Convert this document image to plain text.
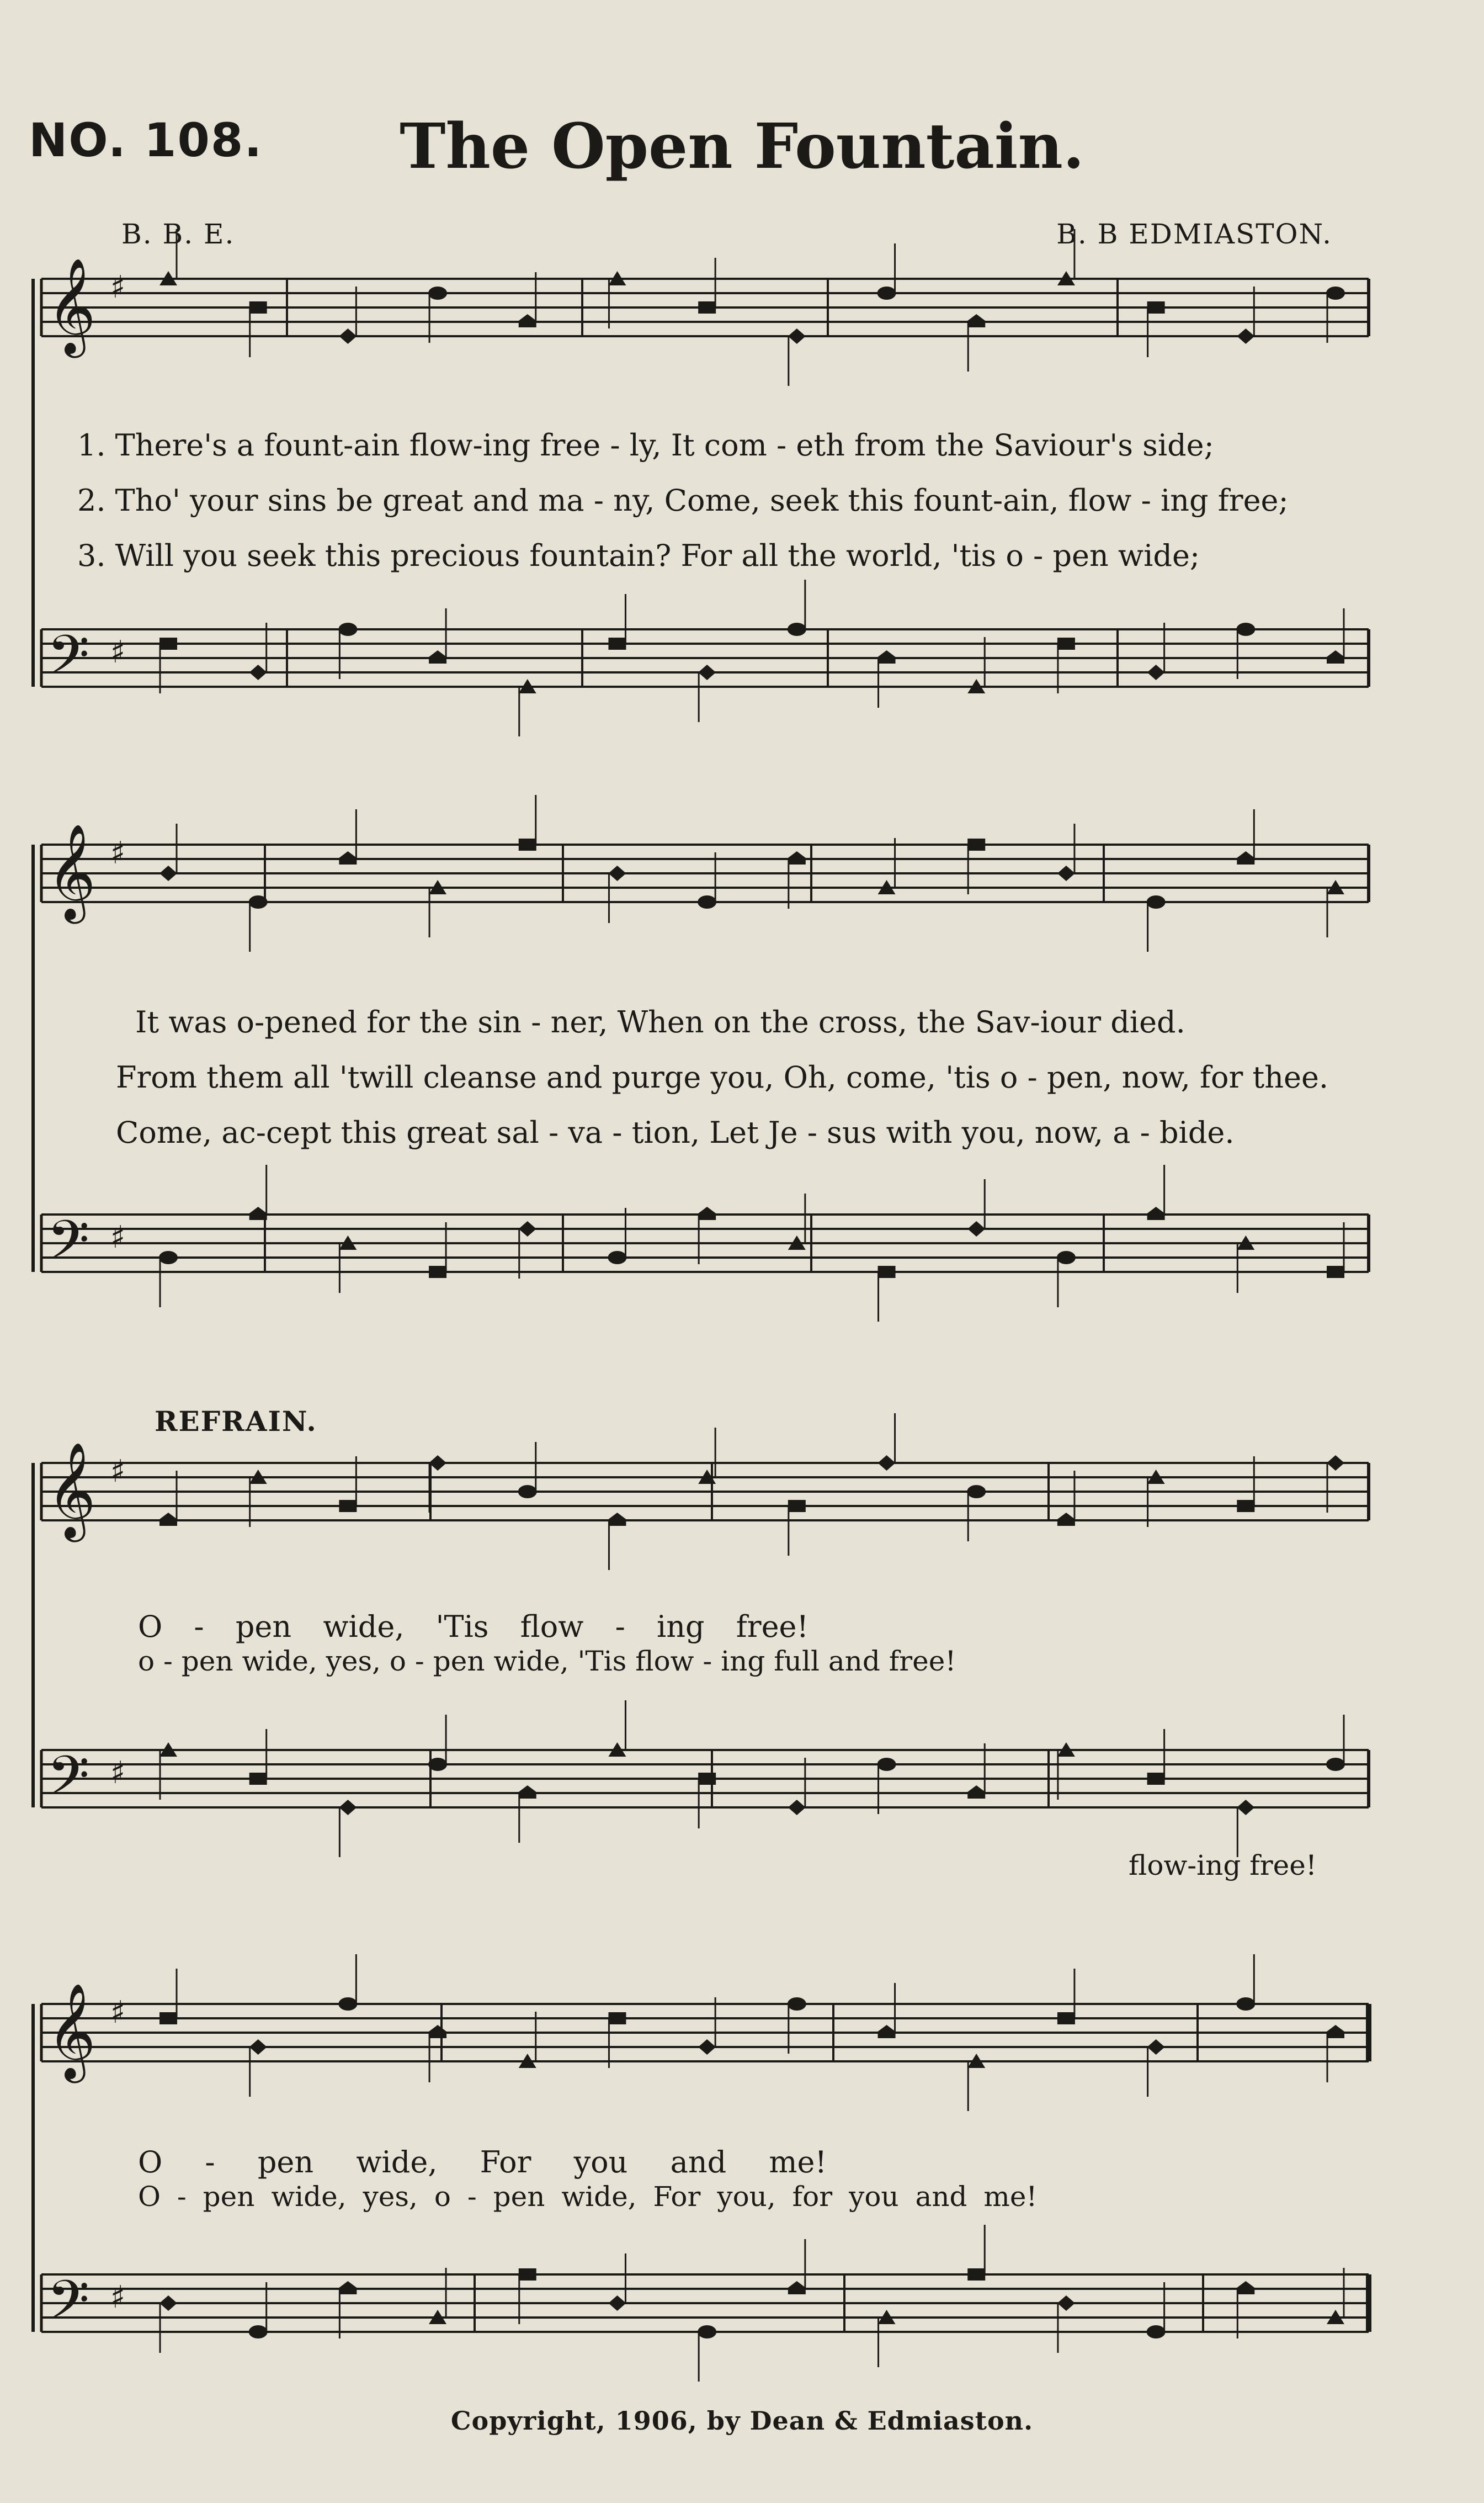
NO. 108.	The Open Fountain.
B. B. E.	B. B EDMIASTON.
𝄞 ♯
𝄢 ♯
𝄞 ♯
𝄢 ♯
𝄞 ♯
𝄢 ♯
𝄞 ♯
𝄢 ♯
1. There's a fount-ain flow-ing free - ly, It com - eth from the Saviour's side;
2. Tho' your sins be great and ma - ny, Come, seek this fount-ain, flow - ing free;
3. Will you seek this precious fountain? For all the world, 'tis o - pen wide;
It was o-pened for the sin - ner, When on the cross, the Sav-iour died.
From them all 'twill cleanse and purge you, Oh, come, 'tis o - pen, now, for thee.
Come, ac-cept this great sal - va - tion, Let Je - sus with you, now, a - bide.
REFRAIN.
O - pen wide, 'Tis flow - ing free!
o - pen wide, yes, o - pen wide, 'Tis flow - ing full and free!
flow-ing free!
O - pen wide, For you and me!
O - pen wide, yes, o - pen wide, For you, for you and me!
Copyright, 1906, by Dean & Edmiaston.
